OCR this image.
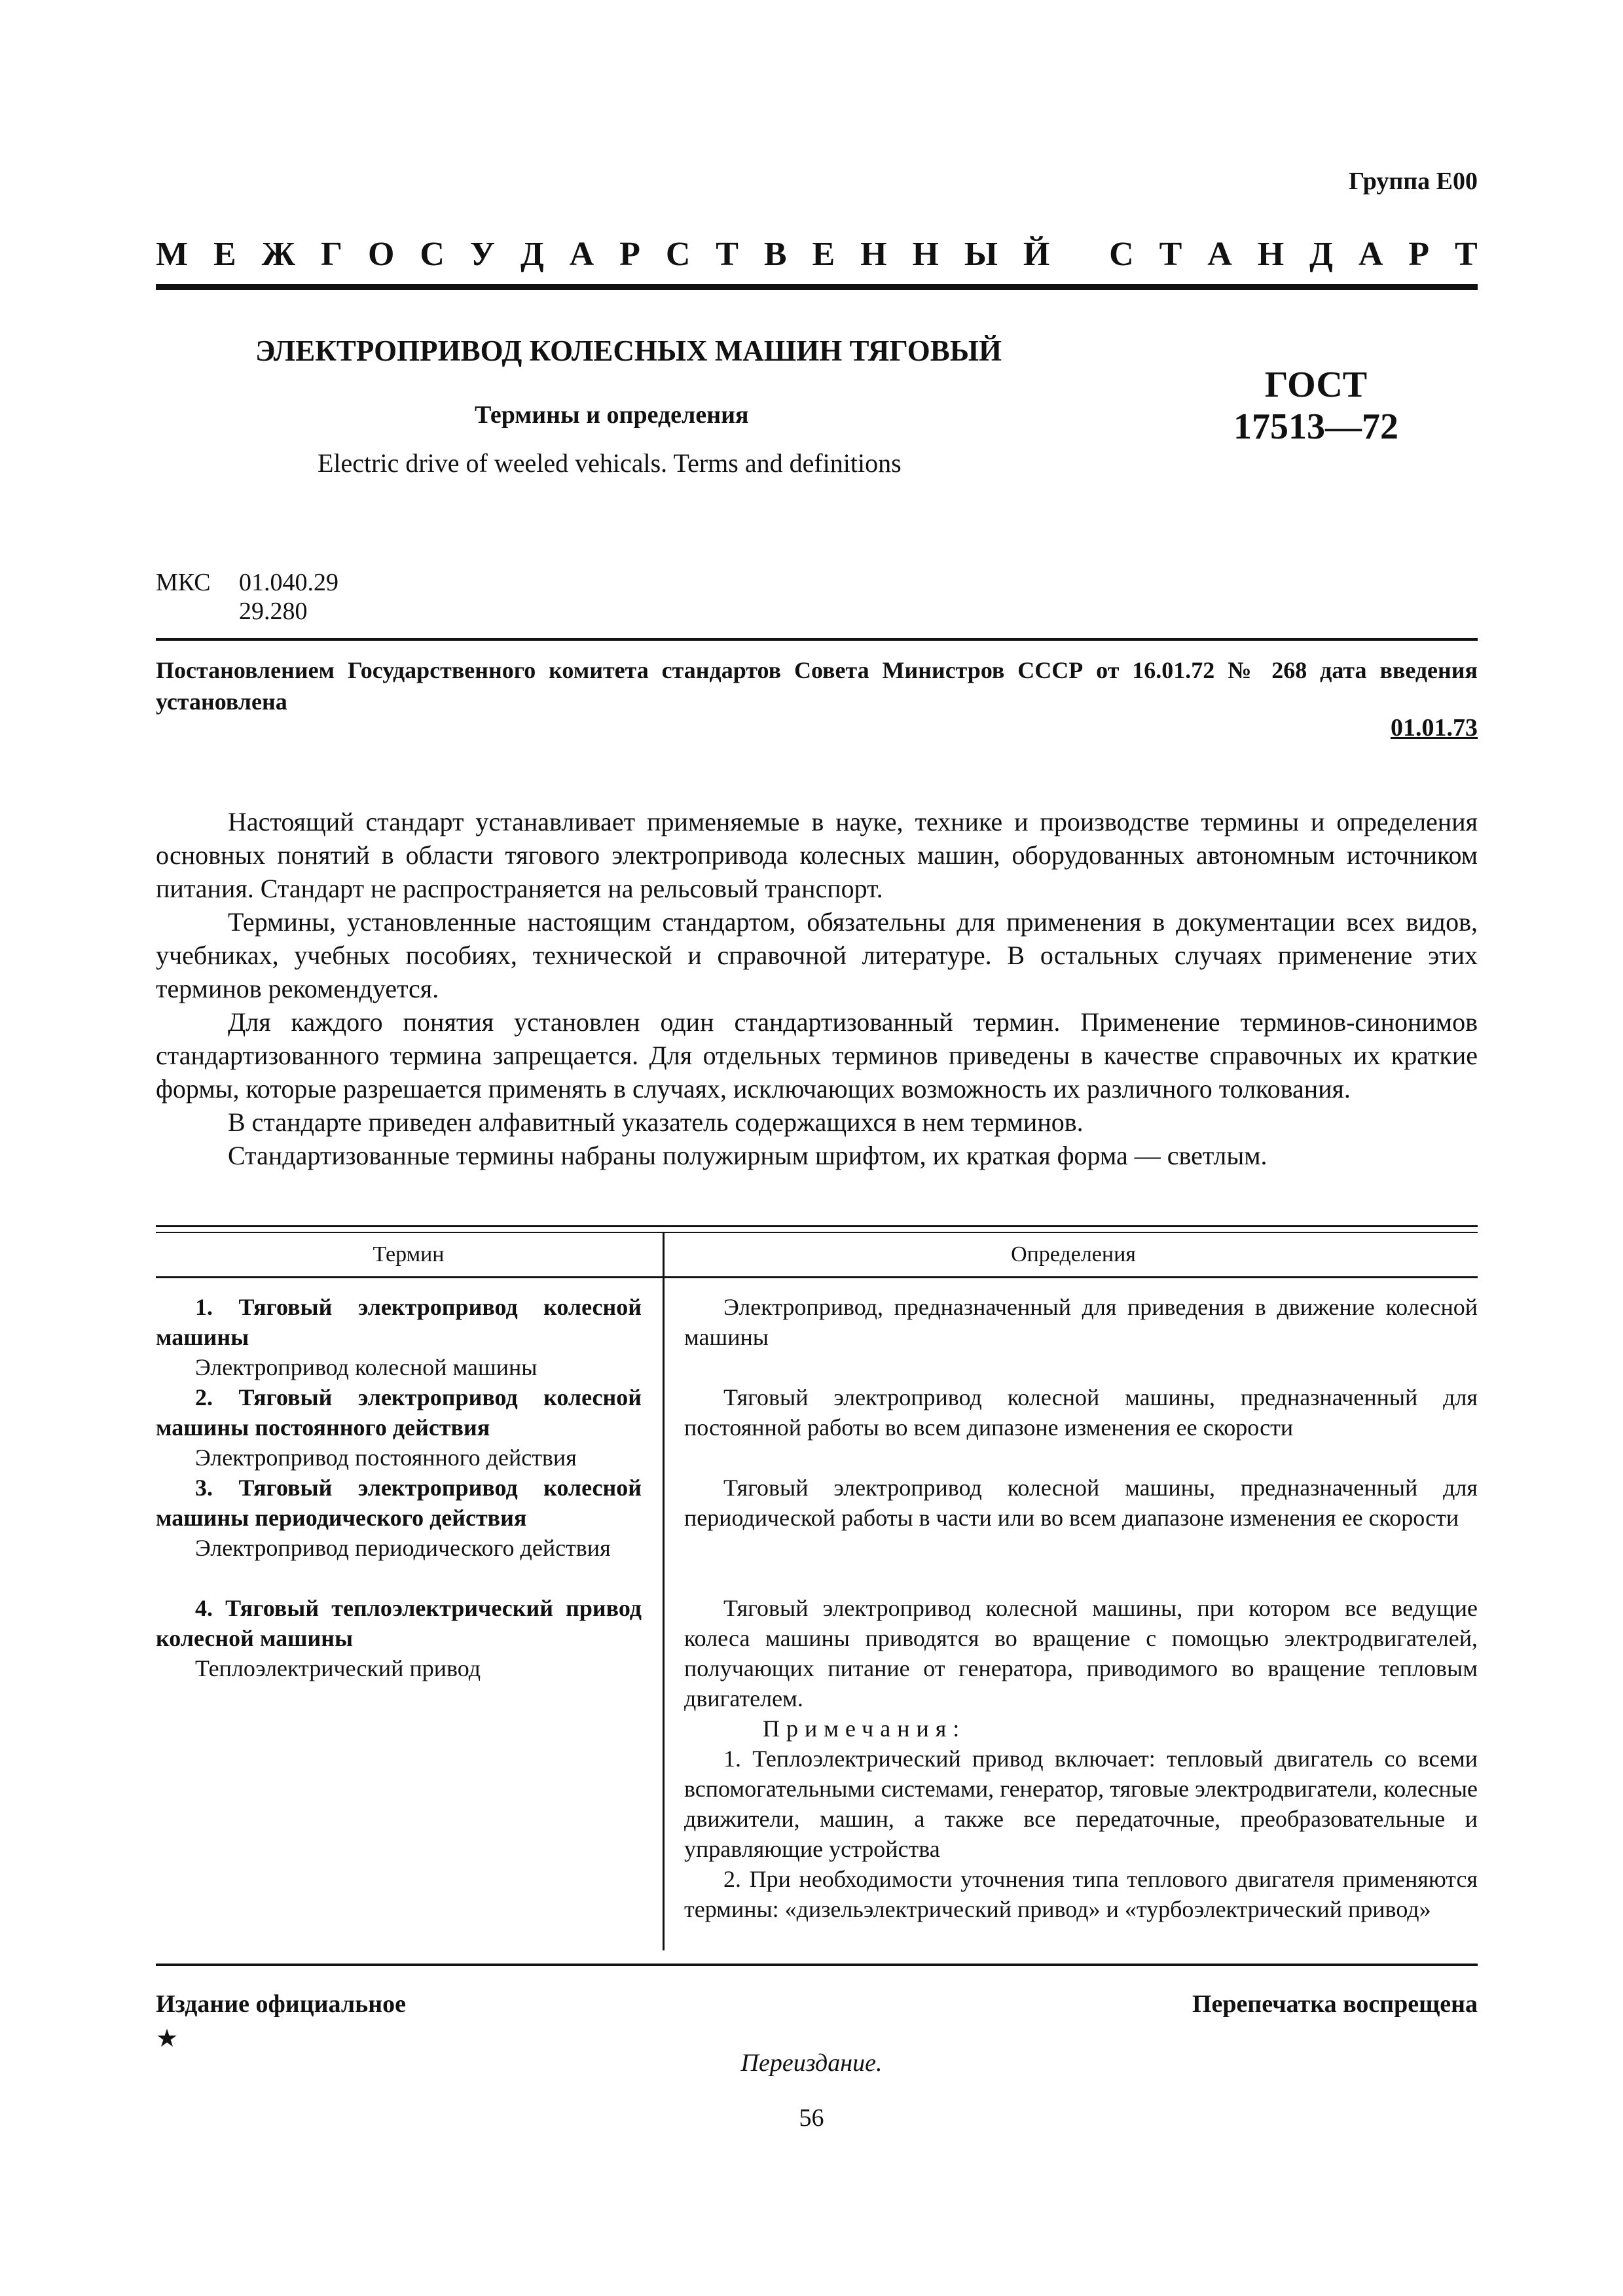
Группа Е00
М Е Ж Г О С У Д А Р С Т В Е Н Н Ы Й
С Т А Н Д А Р Т
ЭЛЕКТРОПРИВОД КОЛЕСНЫХ МАШИН ТЯГОВЫЙ
Термины и определения
Electric drive of weeled vehicals. Terms and definitions
ГОСТ
17513—72
МКС 01.040.29
29.280
Постановлением Государственного комитета стандартов Совета Министров СССР от 16.01.72 № 268 дата введения установлена
01.01.73

Настоящий стандарт устанавливает применяемые в науке, технике и производстве термины и определения основных понятий в области тягового электропривода колесных машин, оборудованных автономным источником питания. Стандарт не распространяется на рельсовый транспорт.

Термины, установленные настоящим стандартом, обязательны для применения в документации всех видов, учебниках, учебных пособиях, технической и справочной литературе. В остальных случаях применение этих терминов рекомендуется.

Для каждого понятия установлен один стандартизованный термин. Применение терминов-синонимов стандартизованного термина запрещается. Для отдельных терминов приведены в качестве справочных их краткие формы, которые разрешается применять в случаях, исключающих возможность их различного толкования.

В стандарте приведен алфавитный указатель содержащихся в нем терминов.

Стандартизованные термины набраны полужирным шрифтом, их краткая форма — светлым.

Термин	Определения
1. Тяговый электропривод колесной машины
Электропривод колесной машины

Электропривод, предназначенный для приведения в движение колесной машины

2. Тяговый электропривод колесной машины постоянного действия
Электропривод постоянного действия

Тяговый электропривод колесной машины, предназначенный для постоянной работы во всем дипазоне изменения ее скорости

3. Тяговый электропривод колесной машины периодического действия
Электропривод периодического действия

Тяговый электропривод колесной машины, предназначенный для периодической работы в части или во всем диапазоне изменения ее скорости

4. Тяговый теплоэлектрический привод колесной машины
Теплоэлектрический привод

Тяговый электропривод колесной машины, при котором все ведущие колеса машины приводятся во вращение с помощью электродвигателей, получающих питание от генератора, приводимого во вращение тепловым двигателем.

Примечания:

1. Теплоэлектрический привод включает: тепловый двигатель со всеми вспомогательными системами, генератор, тяговые электродвигатели, колесные движители, машин, а также все передаточные, преобразовательные и управляющие устройства

2. При необходимости уточнения типа теплового двигателя применяются термины: «дизельэлектрический привод» и «турбоэлектрический привод»

Издание официальное
★
Перепечатка воспрещена
Переиздание.
56
